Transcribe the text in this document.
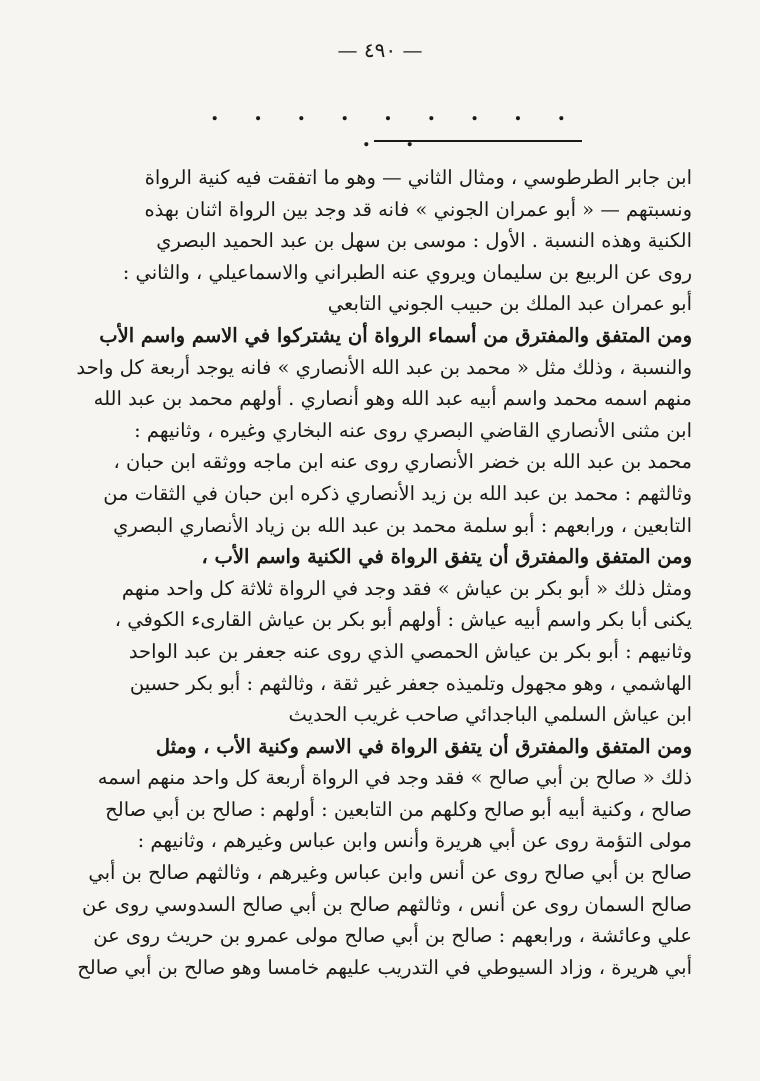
— ٤٩٠ —
. . . . . . . . . . .
ابن جابر الطرطوسي ، ومثال الثاني — وهو ما اتفقت فيه كنية الرواة
ونسبتهم — « أبو عمران الجوني » فانه قد وجد بين الرواة اثنان بهذه
الكنية وهذه النسبة . الأول : موسى بن سهل بن عبد الحميد البصري
روى عن الربيع بن سليمان ويروي عنه الطبراني والاسماعيلي ، والثاني :
أبو عمران عبد الملك بن حبيب الجوني التابعي
ومن المتفق والمفترق من أسماء الرواة أن يشتركوا في الاسم واسم الأب
والنسبة ، وذلك مثل « محمد بن عبد الله الأنصاري » فانه يوجد أربعة كل واحد
منهم اسمه محمد واسم أبيه عبد الله وهو أنصاري . أولهم محمد بن عبد الله
ابن مثنى الأنصاري القاضي البصري روى عنه البخاري وغيره ، وثانيهم :
محمد بن عبد الله بن خضر الأنصاري روى عنه ابن ماجه ووثقه ابن حبان ،
وثالثهم : محمد بن عبد الله بن زيد الأنصاري ذكره ابن حبان في الثقات من
التابعين ، ورابعهم : أبو سلمة محمد بن عبد الله بن زياد الأنصاري البصري
ومن المتفق والمفترق أن يتفق الرواة في الكنية واسم الأب ،
ومثل ذلك « أبو بكر بن عياش » فقد وجد في الرواة ثلاثة كل واحد منهم
يكنى أبا بكر واسم أبيه عياش : أولهم أبو بكر بن عياش القارىء الكوفي ،
وثانيهم : أبو بكر بن عياش الحمصي الذي روى عنه جعفر بن عبد الواحد
الهاشمي ، وهو مجهول وتلميذه جعفر غير ثقة ، وثالثهم : أبو بكر حسين
ابن عياش السلمي الباجدائي صاحب غريب الحديث
ومن المتفق والمفترق أن يتفق الرواة في الاسم وكنية الأب ، ومثل
ذلك « صالح بن أبي صالح » فقد وجد في الرواة أربعة كل واحد منهم اسمه
صالح ، وكنية أبيه أبو صالح وكلهم من التابعين : أولهم : صالح بن أبي صالح
مولى التؤمة روى عن أبي هريرة وأنس وابن عباس وغيرهم ، وثانيهم :
صالح بن أبي صالح روى عن أنس وابن عباس وغيرهم ، وثالثهم صالح بن أبي
صالح السمان روى عن أنس ، وثالثهم صالح بن أبي صالح السدوسي روى عن
علي وعائشة ، ورابعهم : صالح بن أبي صالح مولى عمرو بن حريث روى عن
أبي هريرة ، وزاد السيوطي في التدريب عليهم خامسا وهو صالح بن أبي صالح
